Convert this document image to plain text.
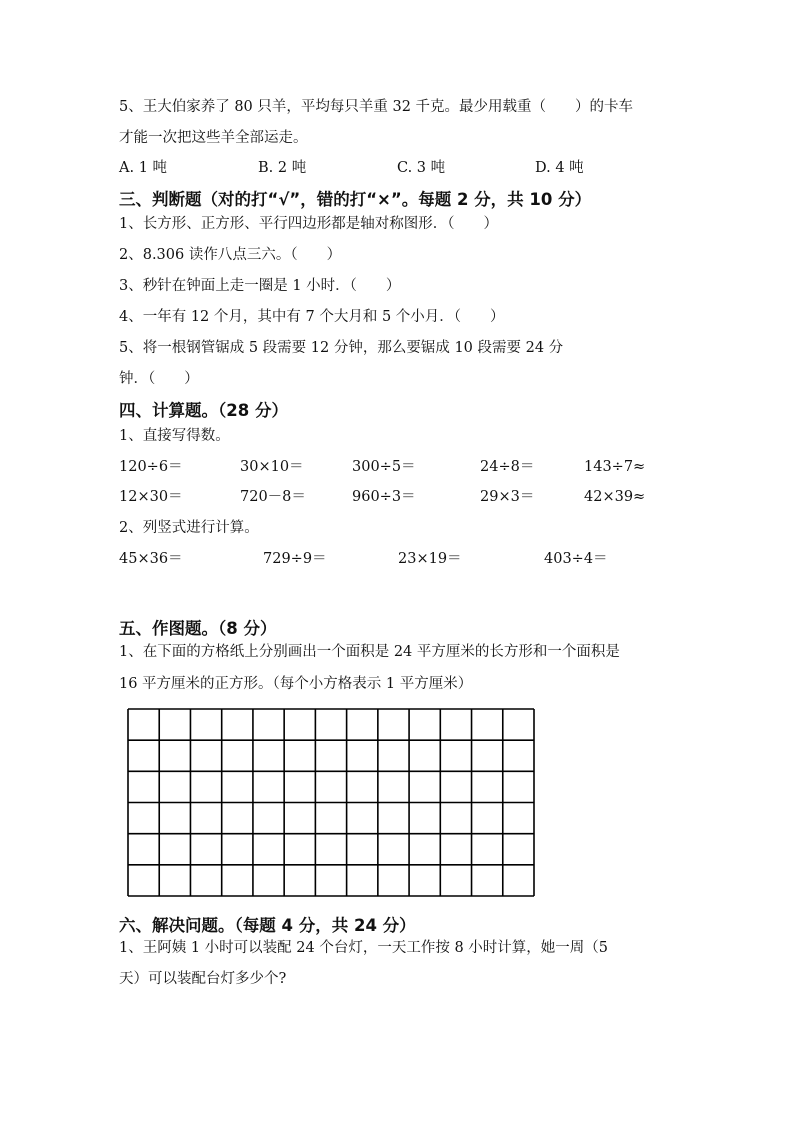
5、王大伯家养了 80 只羊，平均每只羊重 32 千克。最少用载重（　　）的卡车
才能一次把这些羊全部运走。
A. 1 吨	B. 2 吨	C. 3 吨	D. 4 吨
三、判断题（对的打“√”，错的打“×”。每题 2 分，共 10 分）
1、长方形、正方形、平行四边形都是轴对称图形．（　　）
2、8.306 读作八点三六。（　　）
3、秒针在钟面上走一圈是 1 小时．（　　）
4、一年有 12 个月，其中有 7 个大月和 5 个小月．（　　）
5、将一根钢管锯成 5 段需要 12 分钟，那么要锯成 10 段需要 24 分
钟．（　　）
四、计算题。（28 分）
1、直接写得数。
120÷6＝	30×10＝	300÷5＝	24÷8＝	143÷7≈
12×30＝	720－8＝	960÷3＝	29×3＝	42×39≈
2、列竖式进行计算。
45×36＝	729÷9＝	23×19＝	403÷4＝
五、作图题。（8 分）
1、在下面的方格纸上分别画出一个面积是 24 平方厘米的长方形和一个面积是
16 平方厘米的正方形。（每个小方格表示 1 平方厘米）
六、解决问题。（每题 4 分，共 24 分）
1、王阿姨 1 小时可以装配 24 个台灯，一天工作按 8 小时计算，她一周（5
天）可以装配台灯多少个?
